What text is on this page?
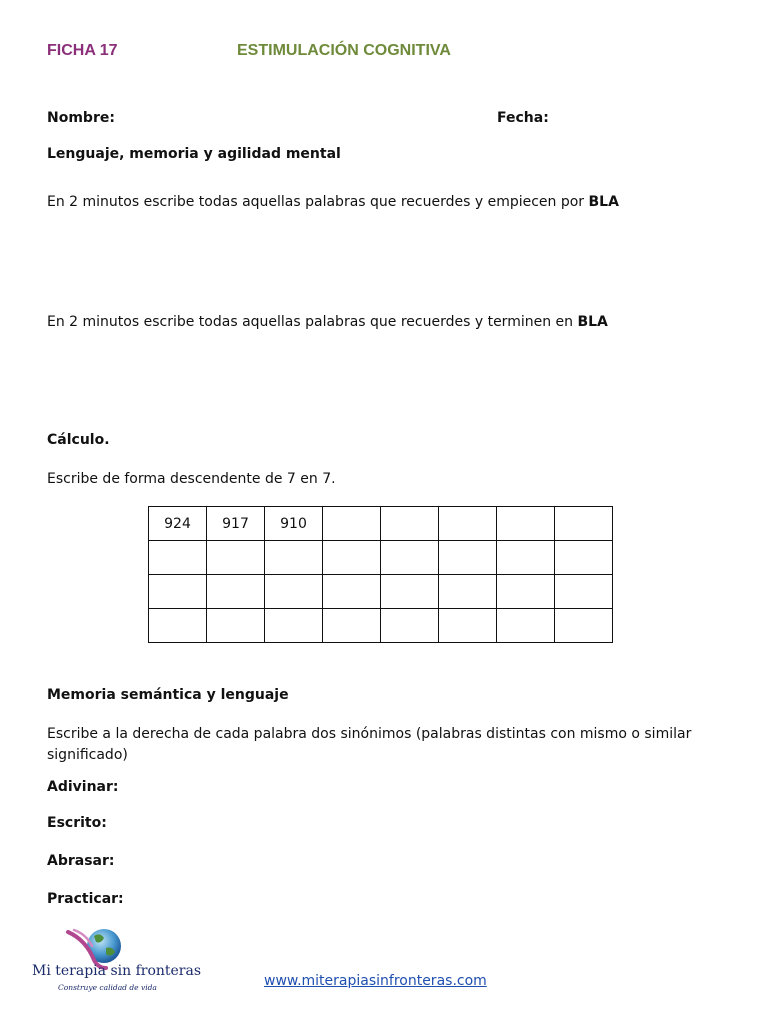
FICHA 17	ESTIMULACIÓN COGNITIVA
Nombre:	Fecha:
Lenguaje, memoria y agilidad mental
En 2 minutos escribe todas aquellas palabras que recuerdes y empiecen por BLA
En 2 minutos escribe todas aquellas palabras que recuerdes y terminen en BLA
Cálculo.
Escribe de forma descendente de 7 en 7.
924	917	910					

Memoria semántica y lenguaje
Escribe a la derecha de cada palabra dos sinónimos (palabras distintas con mismo o similar
significado)
Adivinar:
Escrito:
Abrasar:
Practicar:
Mi terapia sin fronteras
Construye calidad de vida	www.miterapiasinfronteras.com
